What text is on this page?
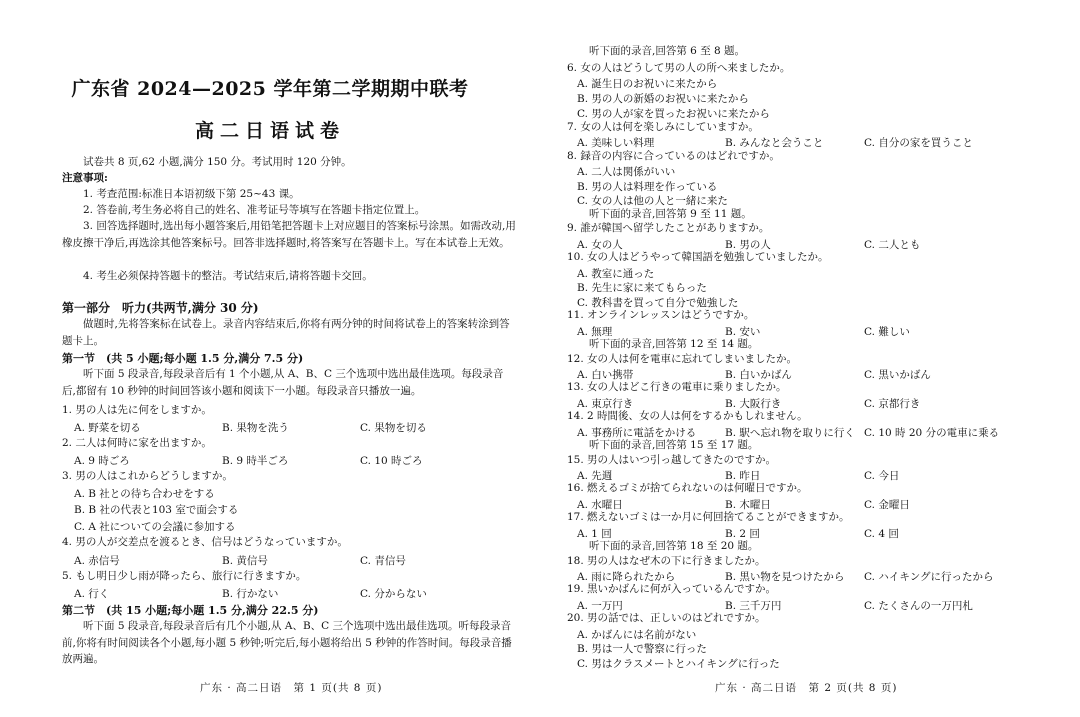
广东省 2024—2025 学年第二学期期中联考
高二日语试卷
试卷共 8 页,62 小题,满分 150 分。考试用时 120 分钟。
注意事项:
1. 考查范围:标准日本语初级下第 25~43 课。
2. 答卷前,考生务必将自己的姓名、准考证号等填写在答题卡指定位置上。
3. 回答选择题时,选出每小题答案后,用铅笔把答题卡上对应题目的答案标号涂黑。如需改动,用橡皮擦干净后,再选涂其他答案标号。回答非选择题时,将答案写在答题卡上。写在本试卷上无效。
4. 考生必须保持答题卡的整洁。考试结束后,请将答题卡交回。
第一部分　听力(共两节,满分 30 分)
做题时,先将答案标在试卷上。录音内容结束后,你将有两分钟的时间将试卷上的答案转涂到答题卡上。
第一节　(共 5 小题;每小题 1.5 分,满分 7.5 分)
听下面 5 段录音,每段录音后有 1 个小题,从 A、B、C 三个选项中选出最佳选项。每段录音后,都留有 10 秒钟的时间回答该小题和阅读下一小题。每段录音只播放一遍。
1. 男の人は先に何をしますか。
A. 野菜を切る	B. 果物を洗う	C. 果物を切る
2. 二人は何時に家を出ますか。
A. 9 時ごろ	B. 9 時半ごろ	C. 10 時ごろ
3. 男の人はこれからどうしますか。
A. B 社との待ち合わせをする
B. B 社の代表と103 室で面会する
C. A 社についての会議に参加する
4. 男の人が交差点を渡るとき、信号はどうなっていますか。
A. 赤信号	B. 黄信号	C. 青信号
5. もし明日少し雨が降ったら、旅行に行きますか。
A. 行く	B. 行かない	C. 分からない
第二节　(共 15 小题;每小题 1.5 分,满分 22.5 分)
听下面 5 段录音,每段录音后有几个小题,从 A、B、C 三个选项中选出最佳选项。听每段录音前,你将有时间阅读各个小题,每小题 5 秒钟;听完后,每小题将给出 5 秒钟的作答时间。每段录音播放两遍。
广东 · 高二日语　第 1 页(共 8 页)
听下面的录音,回答第 6 至 8 题。
6. 女の人はどうして男の人の所へ来ましたか。
A. 誕生日のお祝いに来たから
B. 男の人の新婚のお祝いに来たから
C. 男の人が家を買ったお祝いに来たから
7. 女の人は何を楽しみにしていますか。
A. 美味しい料理	B. みんなと会うこと	C. 自分の家を買うこと
8. 録音の内容に合っているのはどれですか。
A. 二人は関係がいい
B. 男の人は料理を作っている
C. 女の人は他の人と一緒に来た
听下面的录音,回答第 9 至 11 题。
9. 誰が韓国へ留学したことがありますか。
A. 女の人	B. 男の人	C. 二人とも
10. 女の人はどうやって韓国語を勉強していましたか。
A. 教室に通った
B. 先生に家に来てもらった
C. 教科書を買って自分で勉強した
11. オンラインレッスンはどうですか。
A. 無理	B. 安い	C. 難しい
听下面的录音,回答第 12 至 14 题。
12. 女の人は何を電車に忘れてしまいましたか。
A. 白い携帯	B. 白いかばん	C. 黒いかばん
13. 女の人はどこ行きの電車に乗りましたか。
A. 東京行き	B. 大阪行き	C. 京都行き
14. 2 時間後、女の人は何をするかもしれません。
A. 事務所に電話をかける	B. 駅へ忘れ物を取りに行く C. 10 時 20 分の電車に乗る
听下面的录音,回答第 15 至 17 题。
15. 男の人はいつ引っ越してきたのですか。
A. 先週	B. 昨日	C. 今日
16. 燃えるゴミが捨てられないのは何曜日ですか。
A. 水曜日	B. 木曜日	C. 金曜日
17. 燃えないゴミは一か月に何回捨てることができますか。
A. 1 回	B. 2 回	C. 4 回
听下面的录音,回答第 18 至 20 题。
18. 男の人はなぜ木の下に行きましたか。
A. 雨に降られたから	B. 黒い物を見つけたから C. ハイキングに行ったから
19. 黒いかばんに何が入っているんですか。
A. 一万円	B. 三千万円	C. たくさんの一万円札
20. 男の話では、正しいのはどれですか。
A. かばんには名前がない
B. 男は一人で警察に行った
C. 男はクラスメートとハイキングに行った
广东 · 高二日语　第 2 页(共 8 页)
